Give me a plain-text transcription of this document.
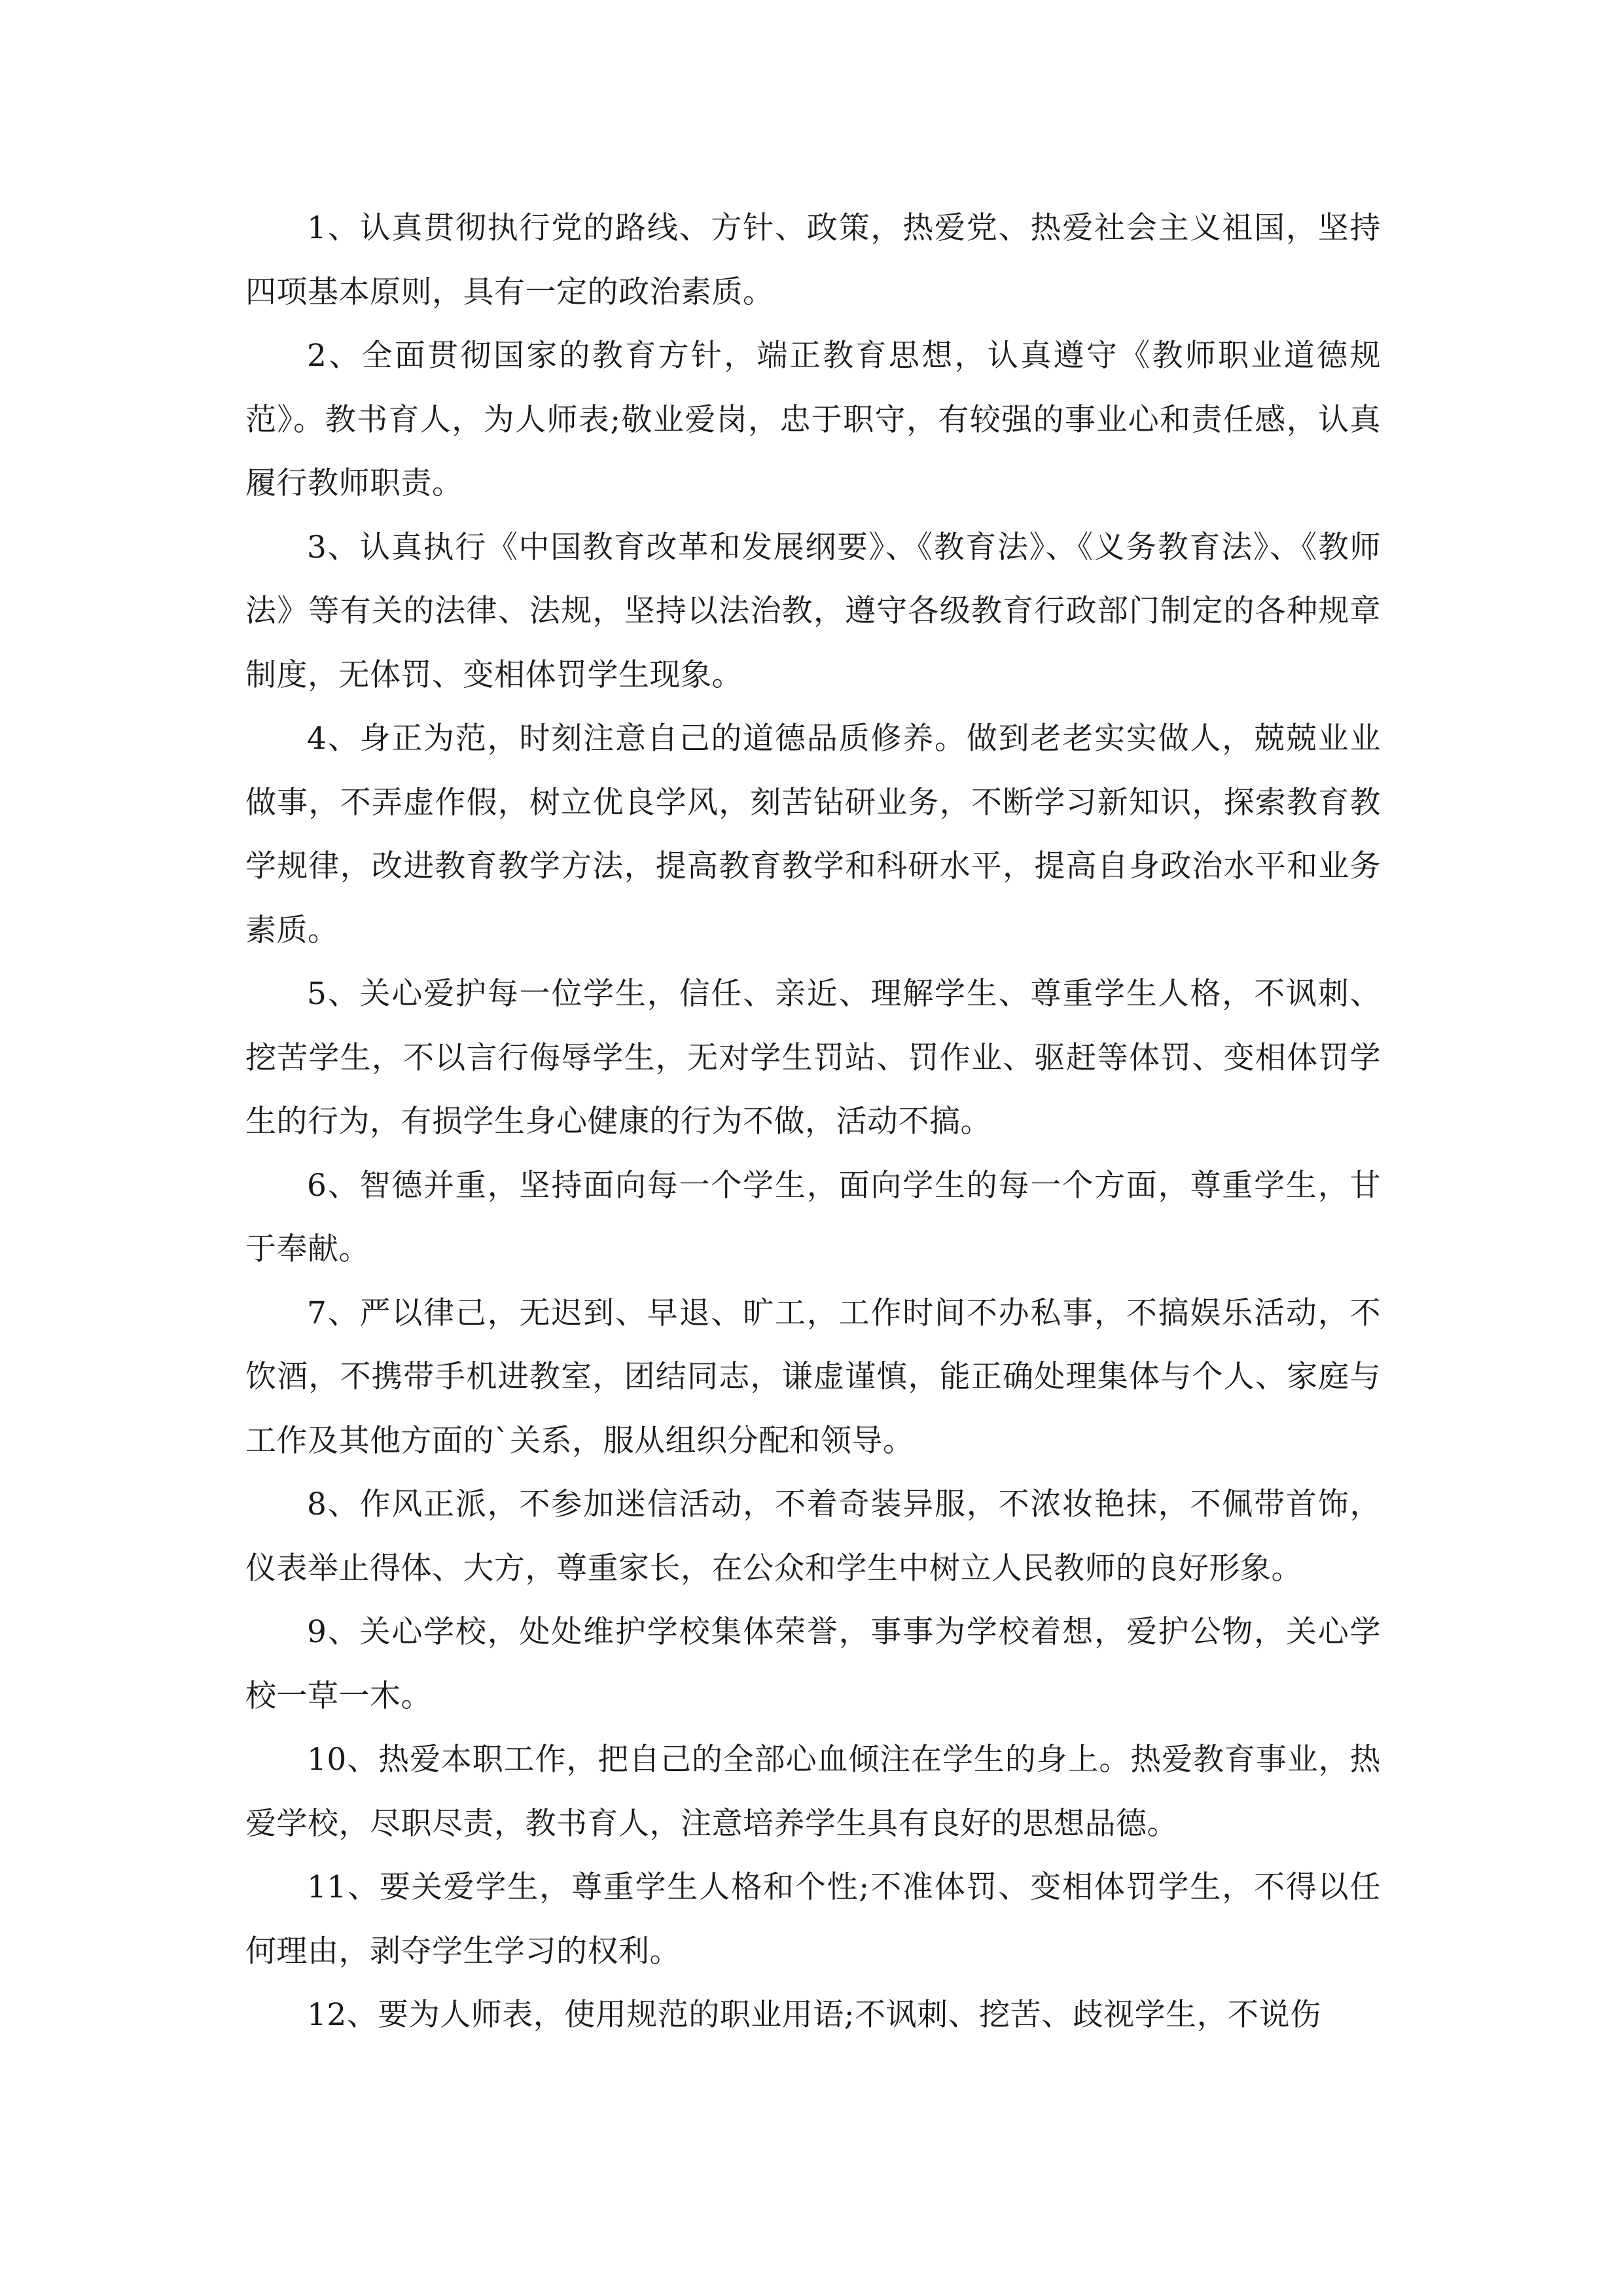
1、认真贯彻执行党的路线、方针、政策，热爱党、热爱社会主义祖国，坚持四项基本原则，具有一定的政治素质。

2、全面贯彻国家的教育方针，端正教育思想，认真遵守《教师职业道德规范》。教书育人，为人师表;敬业爱岗，忠于职守，有较强的事业心和责任感，认真履行教师职责。

3、认真执行《中国教育改革和发展纲要》、《教育法》、《义务教育法》、《教师法》等有关的法律、法规，坚持以法治教，遵守各级教育行政部门制定的各种规章制度，无体罚、变相体罚学生现象。

4、身正为范，时刻注意自己的道德品质修养。做到老老实实做人，兢兢业业做事，不弄虚作假，树立优良学风，刻苦钻研业务，不断学习新知识，探索教育教学规律，改进教育教学方法，提高教育教学和科研水平，提高自身政治水平和业务素质。

5、关心爱护每一位学生，信任、亲近、理解学生、尊重学生人格，不讽刺、挖苦学生，不以言行侮辱学生，无对学生罚站、罚作业、驱赶等体罚、变相体罚学生的行为，有损学生身心健康的行为不做，活动不搞。

6、智德并重，坚持面向每一个学生，面向学生的每一个方面，尊重学生，甘于奉献。

7、严以律己，无迟到、早退、旷工，工作时间不办私事，不搞娱乐活动，不饮酒，不携带手机进教室，团结同志，谦虚谨慎，能正确处理集体与个人、家庭与工作及其他方面的`关系，服从组织分配和领导。

8、作风正派，不参加迷信活动，不着奇装异服，不浓妆艳抹，不佩带首饰，仪表举止得体、大方，尊重家长，在公众和学生中树立人民教师的良好形象。

9、关心学校，处处维护学校集体荣誉，事事为学校着想，爱护公物，关心学校一草一木。

10、热爱本职工作，把自己的全部心血倾注在学生的身上。热爱教育事业，热爱学校，尽职尽责，教书育人，注意培养学生具有良好的思想品德。

11、要关爱学生，尊重学生人格和个性;不准体罚、变相体罚学生，不得以任何理由，剥夺学生学习的权利。

12、要为人师表，使用规范的职业用语;不讽刺、挖苦、歧视学生，不说伤
